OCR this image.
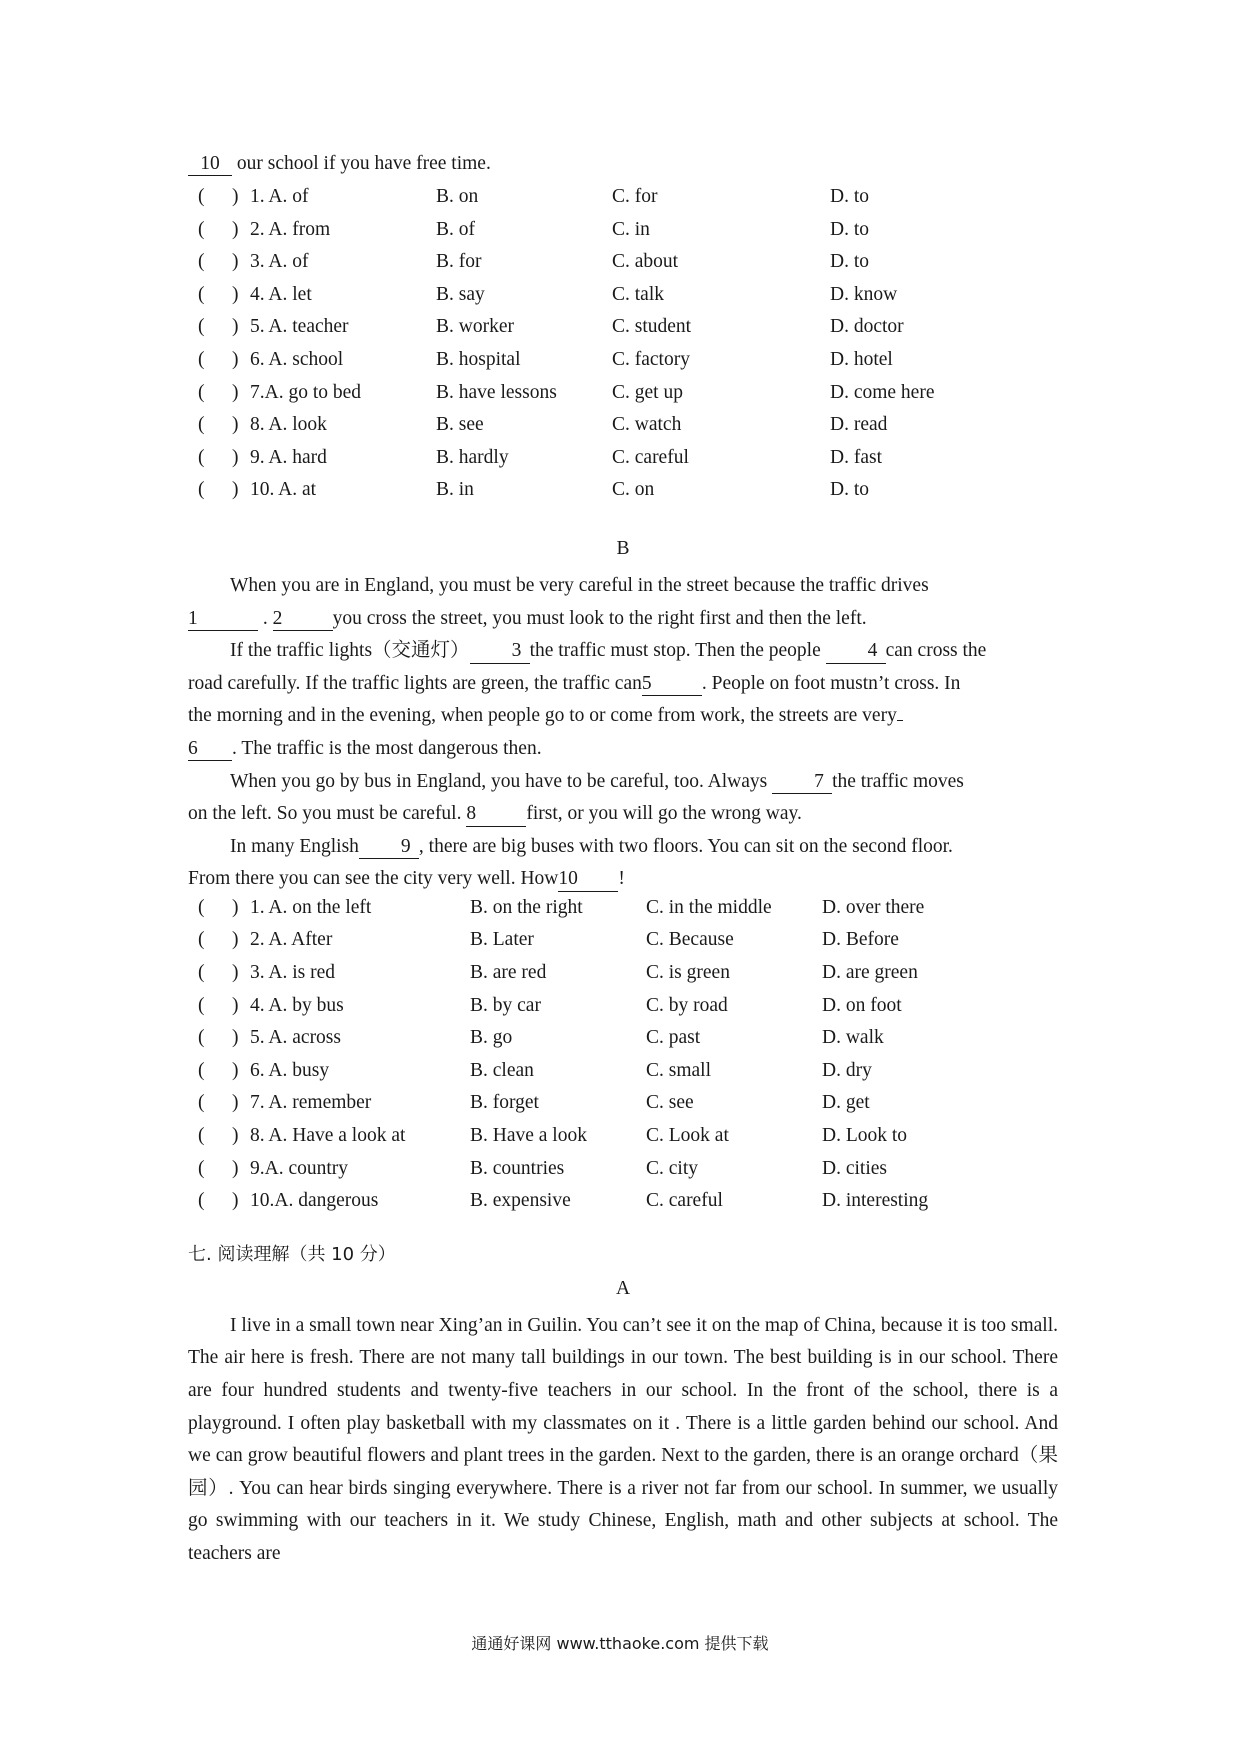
10 our school if you have free time.
(	) 1. A. of	B. on	C. for	D. to
(	) 2. A. from	B. of	C. in	D. to
(	) 3. A. of	B. for	C. about	D. to
(	) 4. A. let	B. say	C. talk	D. know
(	) 5. A. teacher	B. worker	C. student	D. doctor
(	) 6. A. school	B. hospital	C. factory	D. hotel
(	) 7.A. go to bed	B. have lessons	C. get up	D. come here
(	) 8. A. look	B. see	C. watch	D. read
(	) 9. A. hard	B. hardly	C. careful	D. fast
(	) 10. A. at	B. in	C. on	D. to
B
When you are in England, you must be very careful in the street because the traffic drives
1	. 2	you cross the street, you must look to the right first and then the left.
If the traffic lights（交通灯） 3 the traffic must stop. Then the people 4 can cross the
road carefully. If the traffic lights are green, the traffic can5	. People on foot mustn’t cross. In
the morning and in the evening, when people go to or come from work, the streets are very
6 . The traffic is the most dangerous then.
When you go by bus in England, you have to be careful, too. Always 7 the traffic moves
on the left. So you must be careful. 8	first, or you will go the wrong way.
In many English 9 , there are big buses with two floors. You can sit on the second floor.
From there you can see the city very well. How10 !
(	) 1. A. on the left	B. on the right	C. in the middle	D. over there
(	) 2. A. After	B. Later	C. Because	D. Before
(	) 3. A. is red	B. are red	C. is green	D. are green
(	) 4. A. by bus	B. by car	C. by road	D. on foot
(	) 5. A. across	B. go	C. past	D. walk
(	) 6. A. busy	B. clean	C. small	D. dry
(	) 7. A. remember	B. forget	C. see	D. get
(	) 8. A. Have a look at	B. Have a look	C. Look at	D. Look to
(	) 9.A. country	B. countries	C. city	D. cities
(	) 10.A. dangerous	B. expensive	C. careful	D. interesting
七. 阅读理解（共 10 分）
A
I live in a small town near Xing’an in Guilin. You can’t see it on the map of China, because it is too small. The air here is fresh. There are not many tall buildings in our town. The best building is in our school. There are four hundred students and twenty-five teachers in our school. In the front of the school, there is a playground. I often play basketball with my classmates on it . There is a little garden behind our school. And we can grow beautiful flowers and plant trees in the garden. Next to the garden, there is an orange orchard（果园）. You can hear birds singing everywhere. There is a river not far from our school. In summer, we usually go swimming with our teachers in it. We study Chinese, English, math and other subjects at school. The teachers are
通通好课网 www.tthaoke.com 提供下载
